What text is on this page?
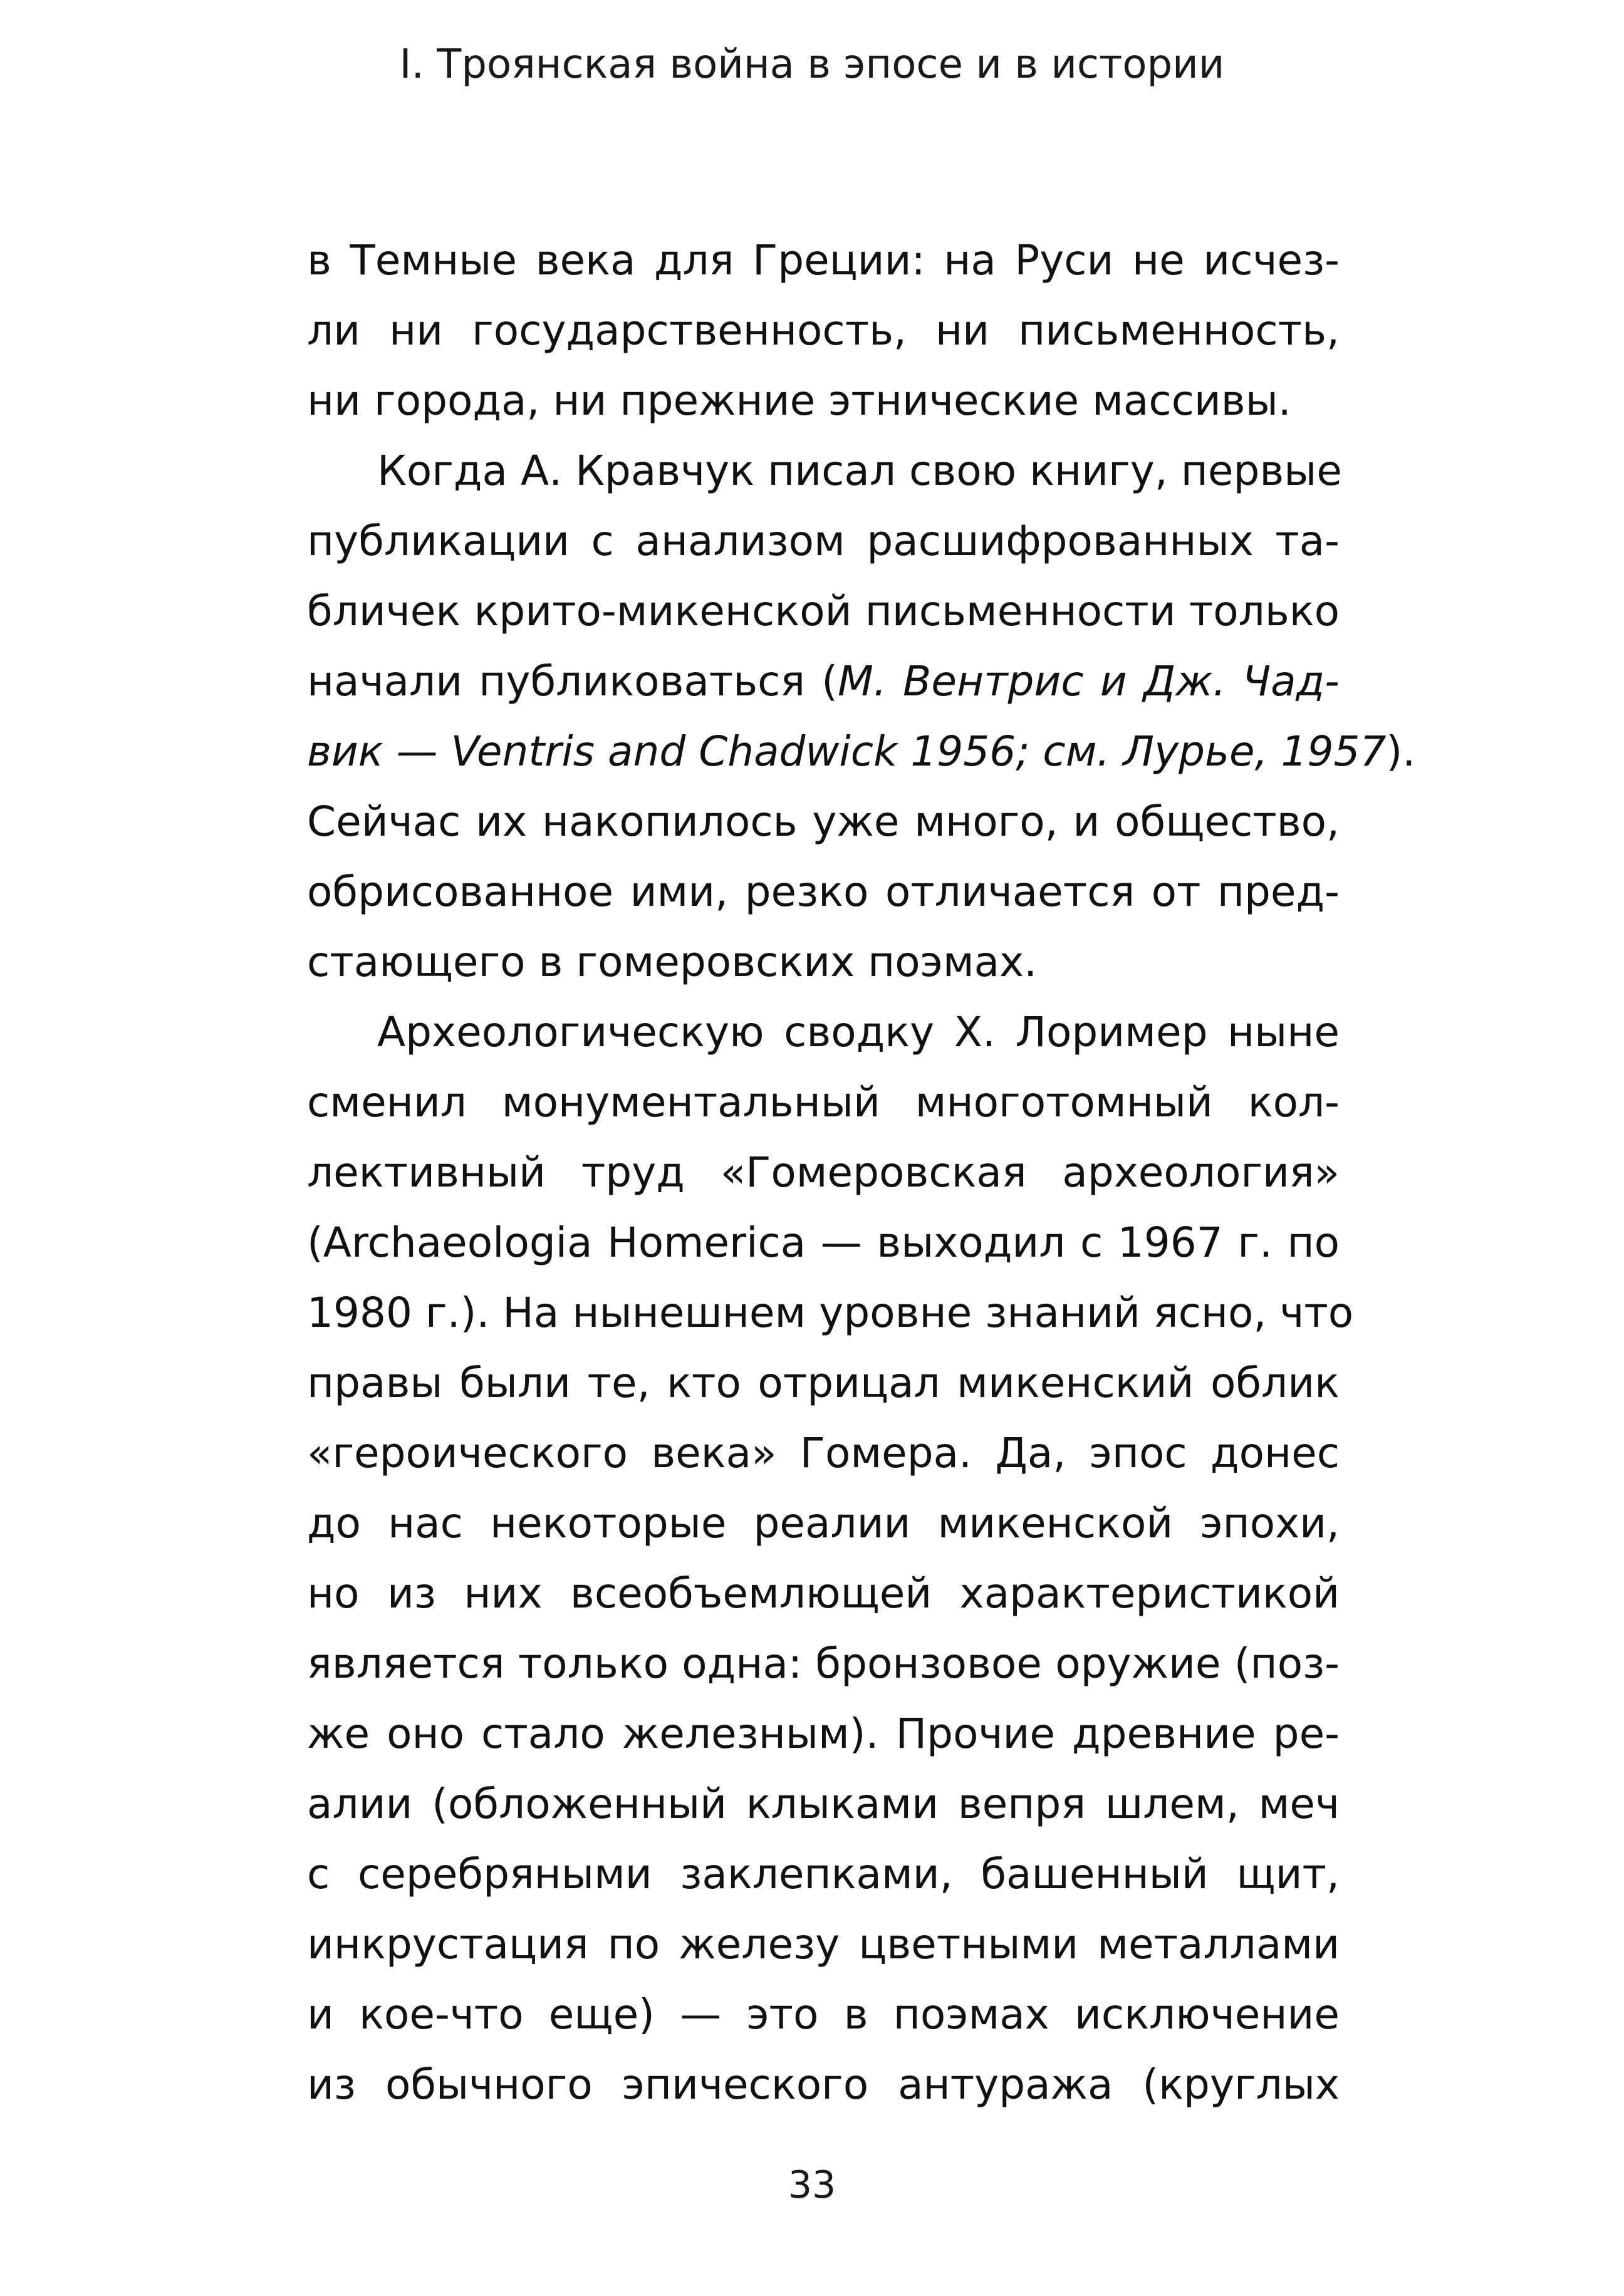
I. Троянская война в эпосе и в истории
в Темные века для Греции: на Руси не исчез-
ли ни государственность, ни письменность,
ни города, ни прежние этнические массивы.
Когда А. Кравчук писал свою книгу, первые
публикации с анализом расшифрованных та-
бличек крито-микенской письменности только
начали публиковаться (М. Вентрис и Дж. Чад-
вик — Ventris and Chadwick 1956; см. Лурье, 1957).
Сейчас их накопилось уже много, и общество,
обрисованное ими, резко отличается от пред-
стающего в гомеровских поэмах.
Археологическую сводку Х. Лоример ныне
сменил монументальный многотомный кол-
лективный труд «Гомеровская археология»
(Archaeologia Homerica — выходил с 1967 г. по
1980 г.). На нынешнем уровне знаний ясно, что
правы были те, кто отрицал микенский облик
«героического века» Гомера. Да, эпос донес
до нас некоторые реалии микенской эпохи,
но из них всеобъемлющей характеристикой
является только одна: бронзовое оружие (поз-
же оно стало железным). Прочие древние ре-
алии (обложенный клыками вепря шлем, меч
с серебряными заклепками, башенный щит,
инкрустация по железу цветными металлами
и кое-что еще) — это в поэмах исключение
из обычного эпического антуража (круглых
33
